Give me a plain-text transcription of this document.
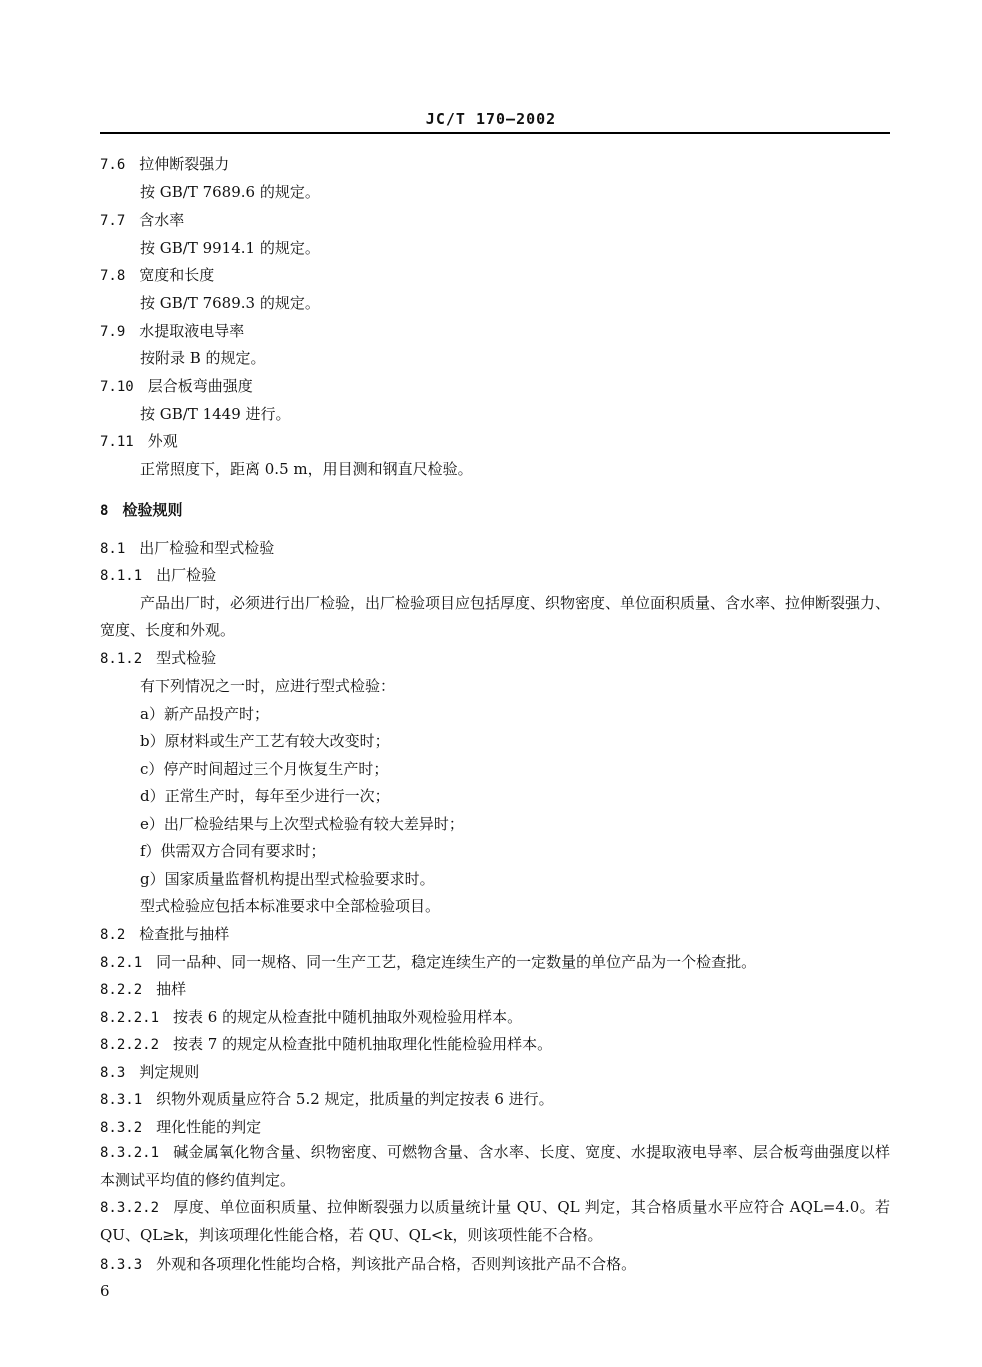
JC/T 170—2002
7.6 拉伸断裂强力
按 GB/T 7689.6 的规定。
7.7 含水率
按 GB/T 9914.1 的规定。
7.8 宽度和长度
按 GB/T 7689.3 的规定。
7.9 水提取液电导率
按附录 B 的规定。
7.10 层合板弯曲强度
按 GB/T 1449 进行。
7.11 外观
正常照度下，距离 0.5 m，用目测和钢直尺检验。
8 检验规则
8.1 出厂检验和型式检验
8.1.1 出厂检验
产品出厂时，必须进行出厂检验，出厂检验项目应包括厚度、织物密度、单位面积质量、含水率、拉伸断裂强力、宽度、长度和外观。
8.1.2 型式检验
有下列情况之一时，应进行型式检验：
a）新产品投产时；
b）原材料或生产工艺有较大改变时；
c）停产时间超过三个月恢复生产时；
d）正常生产时，每年至少进行一次；
e）出厂检验结果与上次型式检验有较大差异时；
f）供需双方合同有要求时；
g）国家质量监督机构提出型式检验要求时。
型式检验应包括本标准要求中全部检验项目。
8.2 检查批与抽样
8.2.1 同一品种、同一规格、同一生产工艺，稳定连续生产的一定数量的单位产品为一个检查批。
8.2.2 抽样
8.2.2.1 按表 6 的规定从检查批中随机抽取外观检验用样本。
8.2.2.2 按表 7 的规定从检查批中随机抽取理化性能检验用样本。
8.3 判定规则
8.3.1 织物外观质量应符合 5.2 规定，批质量的判定按表 6 进行。
8.3.2 理化性能的判定
8.3.2.1 碱金属氧化物含量、织物密度、可燃物含量、含水率、长度、宽度、水提取液电导率、层合板弯曲强度以样本测试平均值的修约值判定。
8.3.2.2 厚度、单位面积质量、拉伸断裂强力以质量统计量 QU、QL 判定，其合格质量水平应符合 AQL=4.0。若 QU、QL≥k，判该项理化性能合格，若 QU、QL<k，则该项性能不合格。
8.3.3 外观和各项理化性能均合格，判该批产品合格，否则判该批产品不合格。
6
